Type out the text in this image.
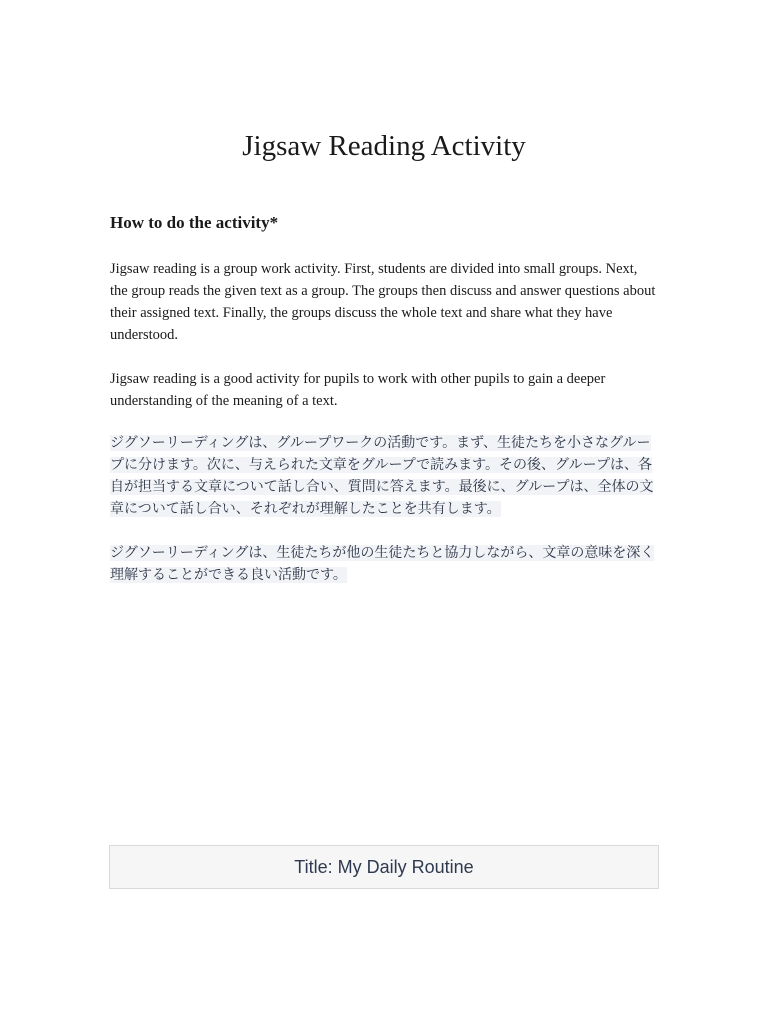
Jigsaw Reading Activity
How to do the activity*

Jigsaw reading is a group work activity. First, students are divided into small groups. Next, the group reads the given text as a group. The groups then discuss and answer questions about their assigned text. Finally, the groups discuss the whole text and share what they have understood.

Jigsaw reading is a good activity for pupils to work with other pupils to gain a deeper understanding of the meaning of a text.

ジグソーリーディングは、グループワークの活動です。まず、生徒たちを小さなグループに分けます。次に、与えられた文章をグループで読みます。その後、グループは、各自が担当する文章について話し合い、質問に答えます。最後に、グループは、全体の文章について話し合い、それぞれが理解したことを共有します。

ジグソーリーディングは、生徒たちが他の生徒たちと協力しながら、文章の意味を深く理解することができる良い活動です。

Title: My Daily Routine
